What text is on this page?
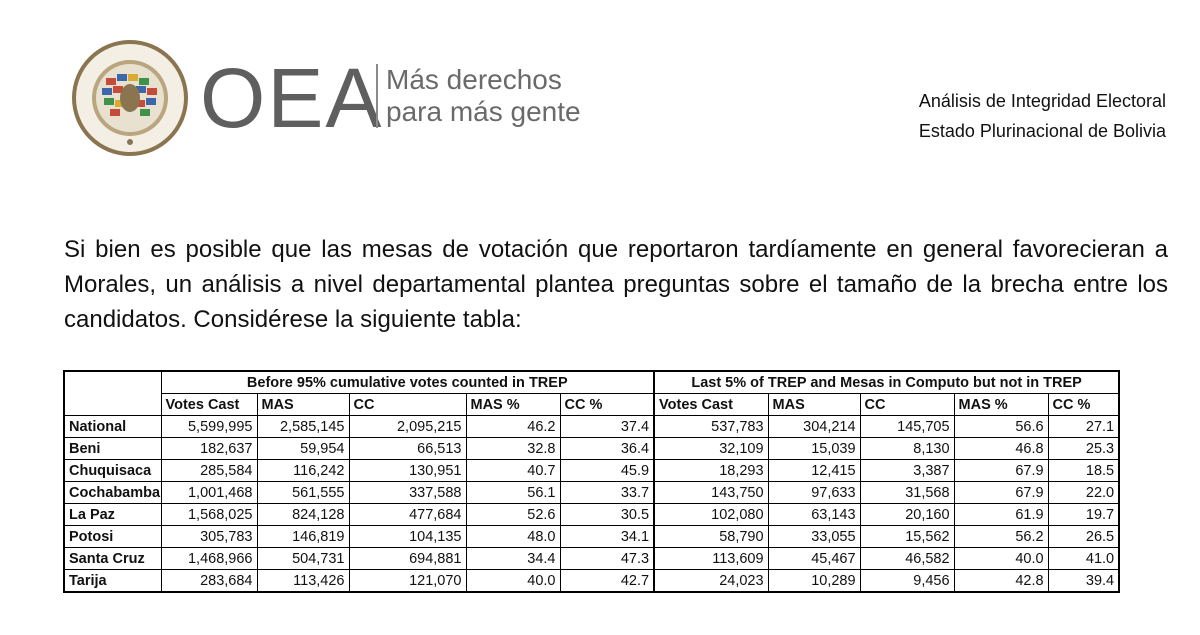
OEA Más derechos
para más gente	Análisis de Integridad Electoral
Estado Plurinacional de Bolivia

Si bien es posible que las mesas de votación que reportaron tardíamente en general favorecieran a Morales, un análisis a nivel departamental plantea preguntas sobre el tamaño de la brecha entre los candidatos. Considérese la siguiente tabla:

	Before 95% cumulative votes counted in TREP					Last 5% of TREP and Mesas in Computo but not in TREP				
	Votes Cast	MAS	CC	MAS %	CC %	Votes Cast	MAS	CC	MAS %	CC %
National	5,599,995	2,585,145	2,095,215	46.2	37.4	537,783	304,214	145,705	56.6	27.1
Beni	182,637	59,954	66,513	32.8	36.4	32,109	15,039	8,130	46.8	25.3
Chuquisaca	285,584	116,242	130,951	40.7	45.9	18,293	12,415	3,387	67.9	18.5
Cochabamba	1,001,468	561,555	337,588	56.1	33.7	143,750	97,633	31,568	67.9	22.0
La Paz	1,568,025	824,128	477,684	52.6	30.5	102,080	63,143	20,160	61.9	19.7
Potosi	305,783	146,819	104,135	48.0	34.1	58,790	33,055	15,562	56.2	26.5
Santa Cruz	1,468,966	504,731	694,881	34.4	47.3	113,609	45,467	46,582	40.0	41.0
Tarija	283,684	113,426	121,070	40.0	42.7	24,023	10,289	9,456	42.8	39.4
